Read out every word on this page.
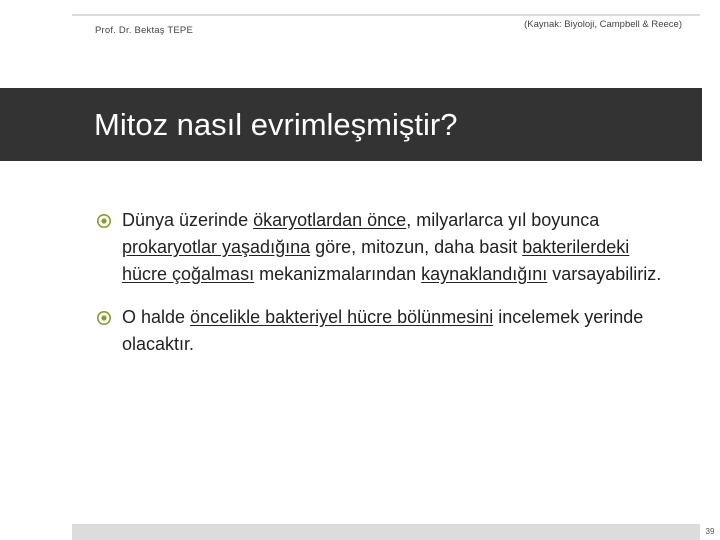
Prof. Dr. Bektaş TEPE
(Kaynak: Biyoloji, Campbell & Reece)
Mitoz nasıl evrimleşmiştir?
Dünya üzerinde ökaryotlardan önce, milyarlarca yıl boyunca prokaryotlar yaşadığına göre, mitozun, daha basit bakterilerdeki hücre çoğalması mekanizmalarından kaynaklandığını varsayabiliriz.
O halde öncelikle bakteriyel hücre bölünmesini incelemek yerinde olacaktır.
39
